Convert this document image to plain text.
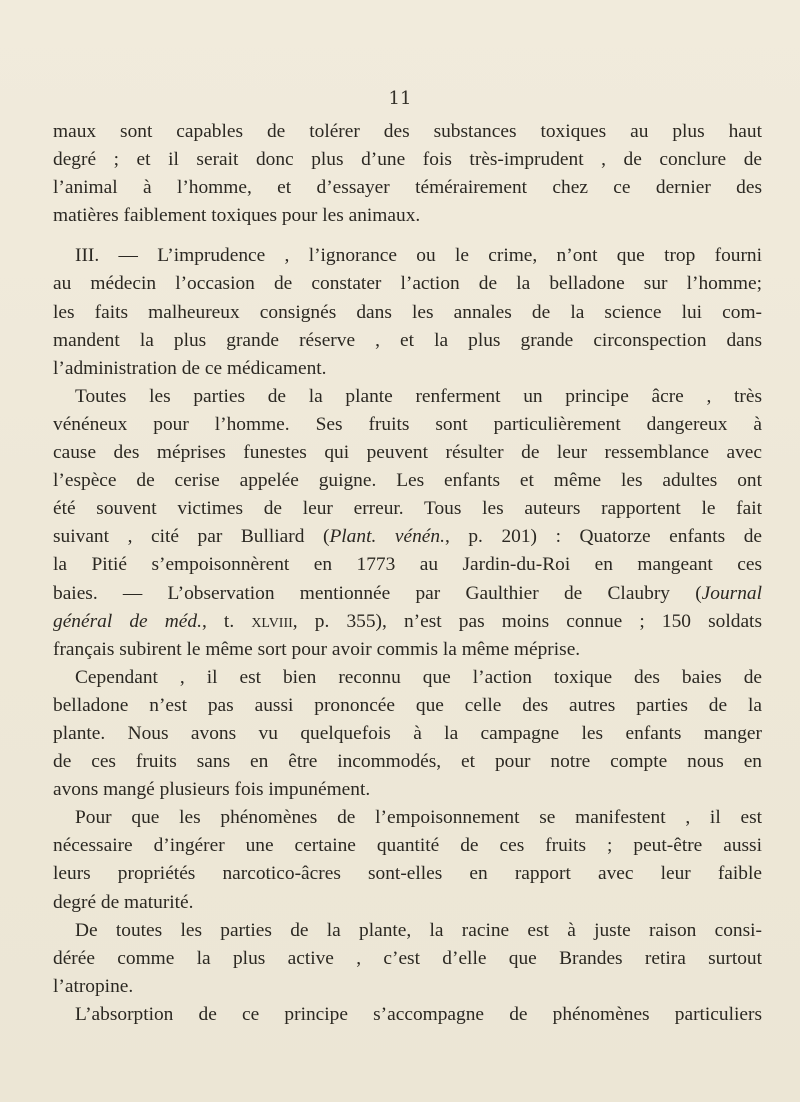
11
maux sont capables de tolérer des substances toxiques au plus haut
degré ; et il serait donc plus d’une fois très-imprudent , de conclure de
l’animal à l’homme, et d’essayer témérairement chez ce dernier des
matières faiblement toxiques pour les animaux.
III. — L’imprudence , l’ignorance ou le crime, n’ont que trop fourni
au médecin l’occasion de constater l’action de la belladone sur l’homme;
les faits malheureux consignés dans les annales de la science lui com-
mandent la plus grande réserve , et la plus grande circonspection dans
l’administration de ce médicament.
Toutes les parties de la plante renferment un principe âcre , très
vénéneux pour l’homme. Ses fruits sont particulièrement dangereux à
cause des méprises funestes qui peuvent résulter de leur ressemblance avec
l’espèce de cerise appelée guigne. Les enfants et même les adultes ont
été souvent victimes de leur erreur. Tous les auteurs rapportent le fait
suivant , cité par Bulliard (Plant. vénén., p. 201) : Quatorze enfants de
la Pitié s’empoisonnèrent en 1773 au Jardin-du-Roi en mangeant ces
baies. — L’observation mentionnée par Gaulthier de Claubry (Journal
général de méd., t. xlviii, p. 355), n’est pas moins connue ; 150 soldats
français subirent le même sort pour avoir commis la même méprise.
Cependant , il est bien reconnu que l’action toxique des baies de
belladone n’est pas aussi prononcée que celle des autres parties de la
plante. Nous avons vu quelquefois à la campagne les enfants manger
de ces fruits sans en être incommodés, et pour notre compte nous en
avons mangé plusieurs fois impunément.
Pour que les phénomènes de l’empoisonnement se manifestent , il est
nécessaire d’ingérer une certaine quantité de ces fruits ; peut-être aussi
leurs propriétés narcotico-âcres sont-elles en rapport avec leur faible
degré de maturité.
De toutes les parties de la plante, la racine est à juste raison consi-
dérée comme la plus active , c’est d’elle que Brandes retira surtout
l’atropine.
L’absorption de ce principe s’accompagne de phénomènes particuliers
